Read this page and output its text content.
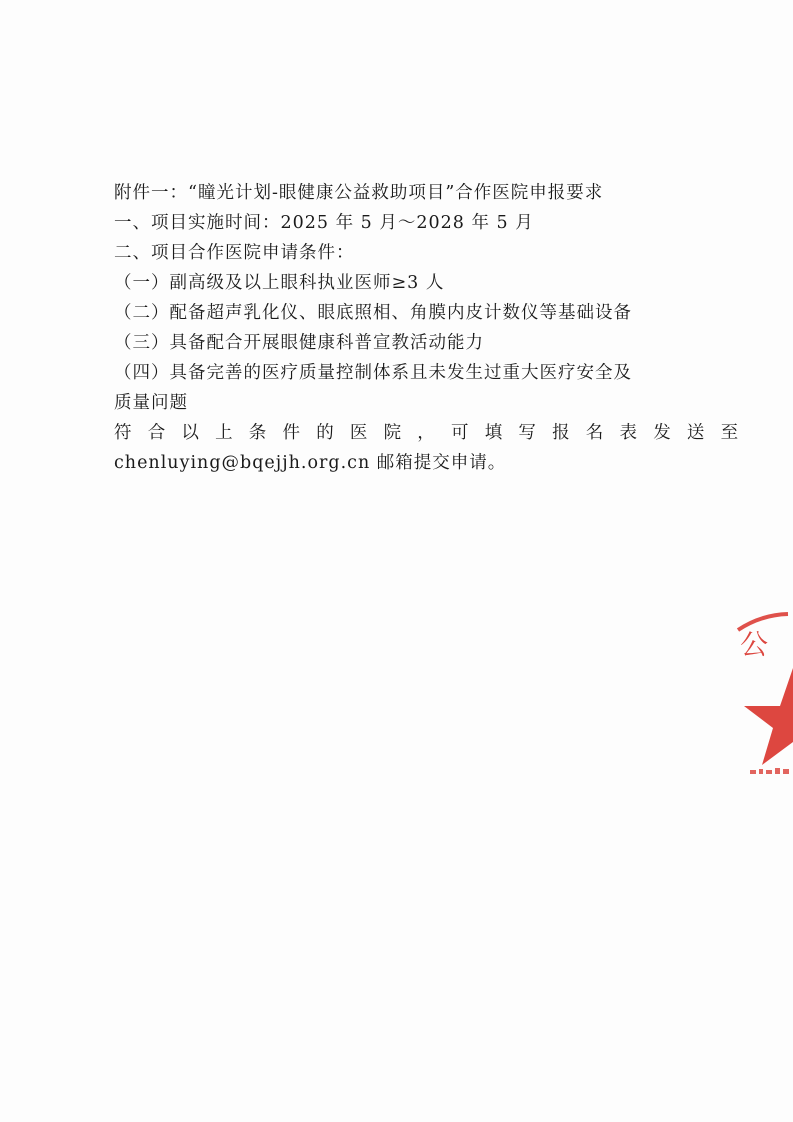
附件一：“瞳光计划-眼健康公益救助项目”合作医院申报要求
一、项目实施时间：2025 年 5 月～2028 年 5 月
二、项目合作医院申请条件：
（一）副高级及以上眼科执业医师≥3 人
（二）配备超声乳化仪、眼底照相、角膜内皮计数仪等基础设备
（三）具备配合开展眼健康科普宣教活动能力
（四）具备完善的医疗质量控制体系且未发生过重大医疗安全及
质量问题
符合以上条件的医院，可填写报名表发送至
chenluying@bqejjh.org.cn 邮箱提交申请。
公
